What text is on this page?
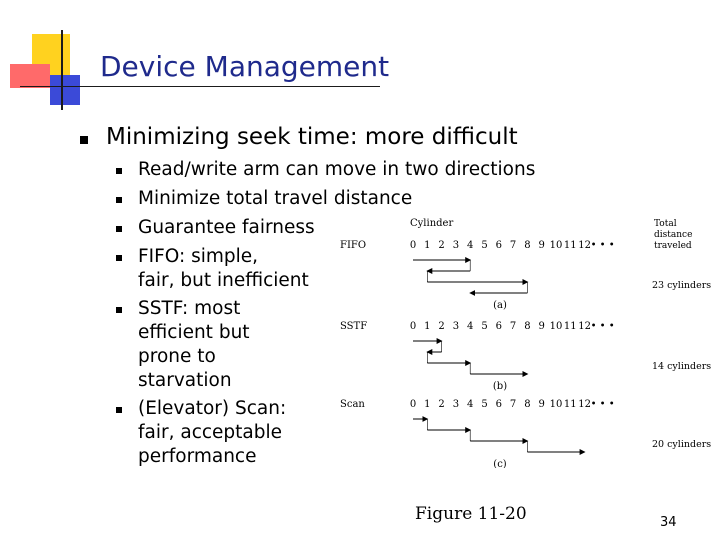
Device Management
Minimizing seek time: more difficult
Read/write arm can move in two directions
Minimize total travel distance
Guarantee fairness
FIFO: simple,
fair, but inefficient
SSTF: most
efficient but
prone to
starvation
(Elevator) Scan:
fair, acceptable
performance
Cylinder	Total
distance
traveled
FIFO	0 1 2 3 4 5 6 7 8 9 10 11 12 • • •
(a)
23 cylinders
SSTF	0 1 2 3 4 5 6 7 8 9 10 11 12 • • •
(b)
14 cylinders
Scan	0 1 2 3 4 5 6 7 8 9 10 11 12 • • •
(c)
20 cylinders
Figure 11-20	34
